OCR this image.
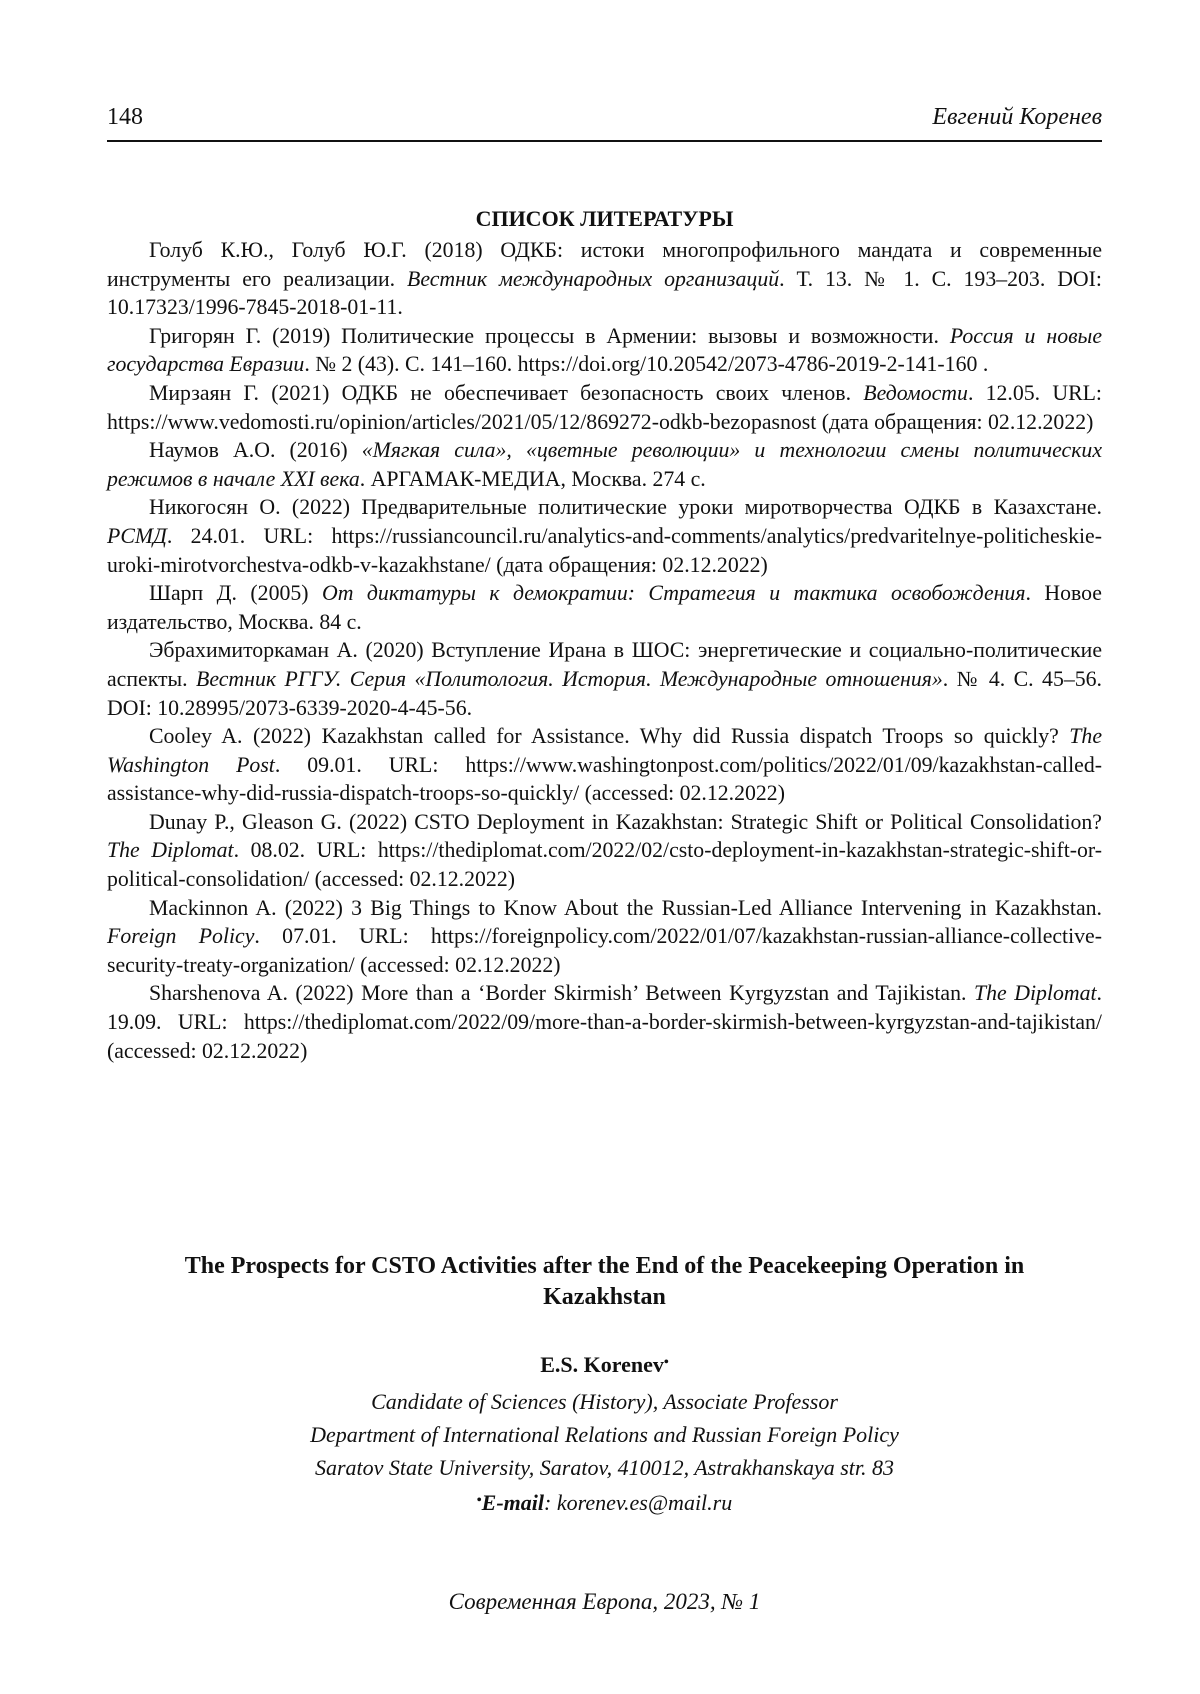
148	Евгений Коренев
СПИСОК ЛИТЕРАТУРЫ

Голуб К.Ю., Голуб Ю.Г. (2018) ОДКБ: истоки многопрофильного мандата и современные инструменты его реализации. Вестник международных организаций. Т. 13. № 1. С. 193–203. DOI: 10.17323/1996-7845-2018-01-11.

Григорян Г. (2019) Политические процессы в Армении: вызовы и возможности. Россия и новые государства Евразии. № 2 (43). С. 141–160. https://doi.org/10.20542/2073-4786-2019-2-141-160 .

Мирзаян Г. (2021) ОДКБ не обеспечивает безопасность своих членов. Ведомости. 12.05. URL: https://www.vedomosti.ru/opinion/articles/2021/05/12/869272-odkb-bezopasnost (дата обращения: 02.12.2022)

Наумов А.О. (2016) «Мягкая сила», «цветные революции» и технологии смены политических режимов в начале XXI века. АРГАМАК-МЕДИА, Москва. 274 с.

Никогосян О. (2022) Предварительные политические уроки миротворчества ОДКБ в Казахстане. РСМД. 24.01. URL: https://russiancouncil.ru/analytics-and-comments/analytics/predvaritelnye-politicheskie-uroki-mirotvorchestva-odkb-v-kazakhstane/ (дата обращения: 02.12.2022)

Шарп Д. (2005) От диктатуры к демократии: Стратегия и тактика освобождения. Новое издательство, Москва. 84 с.

Эбрахимиторкаман А. (2020) Вступление Ирана в ШОС: энергетические и социально-политические аспекты. Вестник РГГУ. Серия «Политология. История. Международные отношения». № 4. С. 45–56. DOI: 10.28995/2073-6339-2020-4-45-56.

Cooley A. (2022) Kazakhstan called for Assistance. Why did Russia dispatch Troops so quickly? The Washington Post. 09.01. URL: https://www.washingtonpost.com/politics/2022/01/09/kazakhstan-called-assistance-why-did-russia-dispatch-troops-so-quickly/ (accessed: 02.12.2022)

Dunay P., Gleason G. (2022) CSTO Deployment in Kazakhstan: Strategic Shift or Political Consolidation? The Diplomat. 08.02. URL: https://thediplomat.com/2022/02/csto-deployment-in-kazakhstan-strategic-shift-or-political-consolidation/ (accessed: 02.12.2022)

Mackinnon A. (2022) 3 Big Things to Know About the Russian-Led Alliance Intervening in Kazakhstan. Foreign Policy. 07.01. URL: https://foreignpolicy.com/2022/01/07/kazakhstan-russian-alliance-collective-security-treaty-organization/ (accessed: 02.12.2022)

Sharshenova A. (2022) More than a ‘Border Skirmish’ Between Kyrgyzstan and Tajikistan. The Diplomat. 19.09. URL: https://thediplomat.com/2022/09/more-than-a-border-skirmish-between-kyrgyzstan-and-tajikistan/ (accessed: 02.12.2022)

The Prospects for CSTO Activities after the End of the Peacekeeping Operation in Kazakhstan
E.S. Korenev•

Candidate of Sciences (History), Associate Professor

Department of International Relations and Russian Foreign Policy

Saratov State University, Saratov, 410012, Astrakhanskaya str. 83

•E-mail: korenev.es@mail.ru

Современная Европа, 2023, № 1
